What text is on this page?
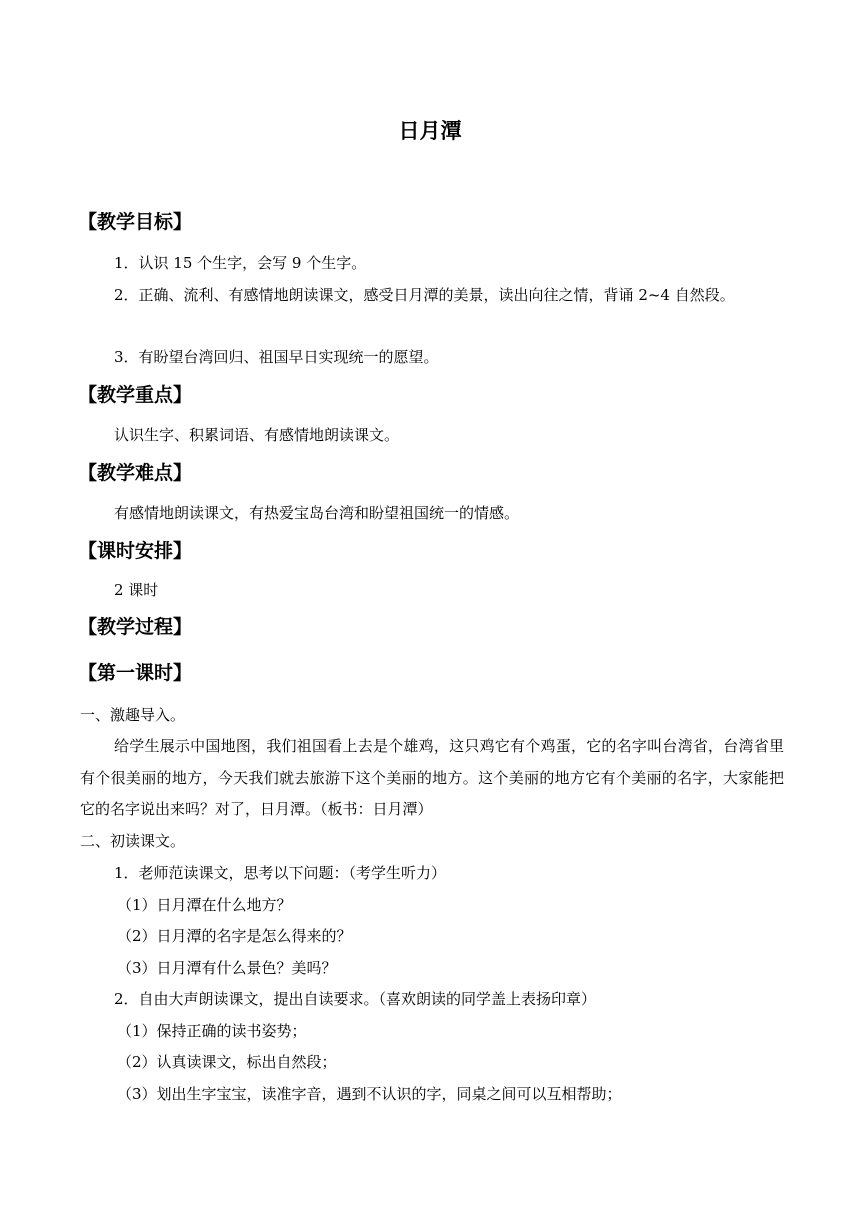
日月潭
【教学目标】
1．认识 15 个生字，会写 9 个生字。
2．正确、流利、有感情地朗读课文，感受日月潭的美景，读出向往之情，背诵 2~4 自然段。
3．有盼望台湾回归、祖国早日实现统一的愿望。
【教学重点】
认识生字、积累词语、有感情地朗读课文。
【教学难点】
有感情地朗读课文，有热爱宝岛台湾和盼望祖国统一的情感。
【课时安排】
2 课时
【教学过程】
【第一课时】
一、激趣导入。
给学生展示中国地图，我们祖国看上去是个雄鸡，这只鸡它有个鸡蛋，它的名字叫台湾省，台湾省里有个很美丽的地方，今天我们就去旅游下这个美丽的地方。这个美丽的地方它有个美丽的名字，大家能把它的名字说出来吗？对了，日月潭。（板书：日月潭）
二、初读课文。
1．老师范读课文，思考以下问题：（考学生听力）
（1）日月潭在什么地方？
（2）日月潭的名字是怎么得来的？
（3）日月潭有什么景色？美吗？
2．自由大声朗读课文，提出自读要求。（喜欢朗读的同学盖上表扬印章）
（1）保持正确的读书姿势；
（2）认真读课文，标出自然段；
（3）划出生字宝宝，读准字音，遇到不认识的字，同桌之间可以互相帮助；
